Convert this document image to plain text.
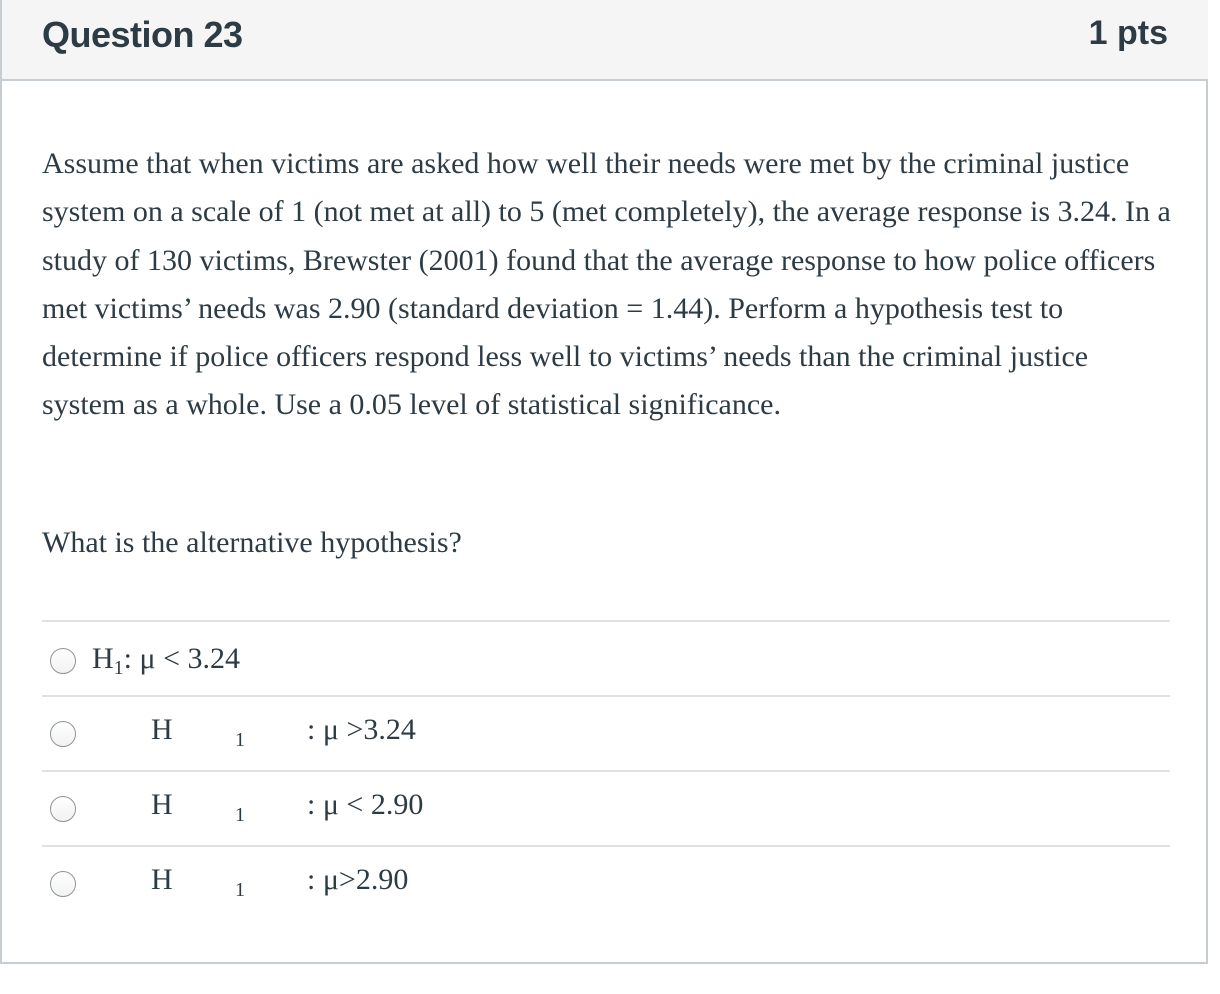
Question 23	1 pts
Assume that when victims are asked how well their needs were met by the criminal justice system on a scale of 1 (not met at all) to 5 (met completely), the average response is 3.24. In a study of 130 victims, Brewster (2001) found that the average response to how police officers met victims’ needs was 2.90 (standard deviation = 1.44). Perform a hypothesis test to determine if police officers respond less well to victims’ needs than the criminal justice system as a whole. Use a 0.05 level of statistical significance.
What is the alternative hypothesis?
$H_1$: μ < 3.24
H	1 : μ >3.24
H	1 : μ < 2.90
H	1 : μ>2.90
